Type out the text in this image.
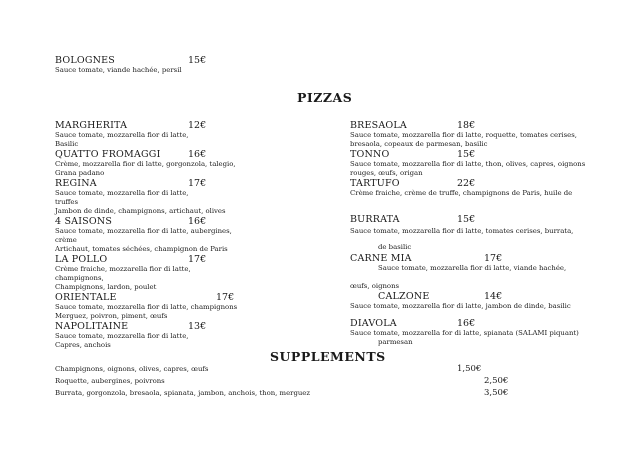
PIZZAS
SUPPLEMENTS
BOLOGNES	15€
Sauce tomate, viande hachée, persil
MARGHERITA	12€
Sauce tomate, mozzarella fior di latte,
Basilic
QUATTO FROMAGGI	16€
Crème, mozzarella fior di latte, gorgonzola, talegio,
Grana padano
REGINA	17€
Sauce tomate, mozzarella fior di latte,
truffes
Jambon de dinde, champignons, artichaut, olives
4 SAISONS	16€
Sauce tomate, mozzarella fior di latte, aubergines,
crème
Artichaut, tomates séchées, champignon de Paris
LA POLLO	17€
Crème fraiche, mozzarella fior di latte,
champignons,
Champignons, lardon, poulet
ORIENTALE	17€
Sauce tomate, mozzarella fior di latte, champignons
Merguez, poivron, piment, œufs
NAPOLITAINE	13€
Sauce tomate, mozzarella fior di latte,
Capres, anchois
BRESAOLA	18€
Sauce tomate, mozzarella fior di latte, roquette, tomates cerises,
bresaola, copeaux de parmesan, basilic
TONNO	15€
Sauce tomate, mozzarella fior di latte, thon, olives, capres, oignons
rouges, œufs, origan
TARTUFO	22€
Crème fraiche, crème de truffe, champignons de Paris, huile de
BURRATA	15€
Sauce tomate, mozzarella fior di latte, tomates cerises, burrata,
de basilic
CARNE MIA	17€
Sauce tomate, mozzarella fior di latte, viande hachée,
œufs, oignons
CALZONE	14€
Sauce tomate, mozzarella fior di latte, jambon de dinde, basilic
DIAVOLA	16€
Sauce tomate, mozzarella for di latte, spianata (SALAMI piquant)
parmesan
Champignons, oignons, olives, capres, œufs	1,50€
Roquette, aubergines, poivrons	2,50€
Burrata, gorgonzola, bresaola, spianata, jambon, anchois, thon, merguez	3,50€
